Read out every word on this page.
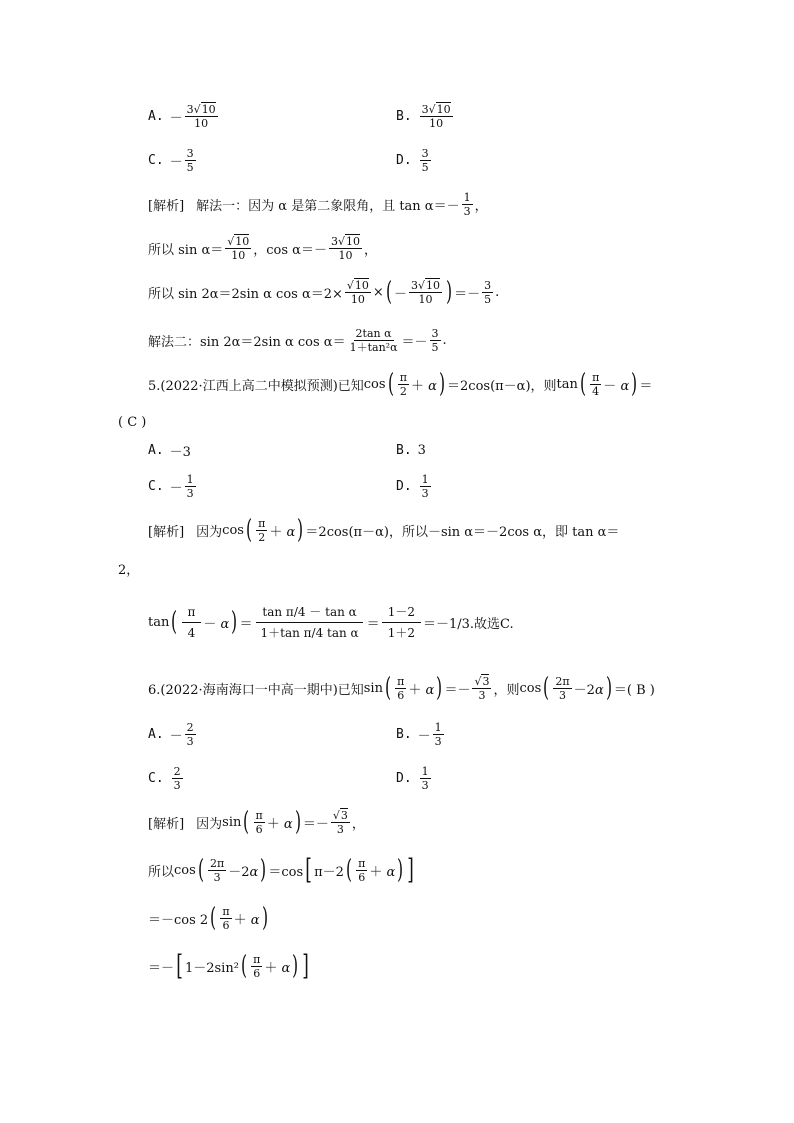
A. － $\frac{3√10}{10}$	B. $\frac{3√10}{10}$
C. － $\frac{3}{5}$	D. $\frac{3}{5}$
[解析] 解法一：因为 α 是第二象限角，且 $\tan \alpha= - \frac{1}{3}$ ，
所以 $\sin \alpha= \frac{√10}{10}$ ，$\cos \alpha=- \frac{3√10}{10}$ ，
所以 sin 2α＝2sin α $\cos \alpha=2\times \frac{√10}{10}$ × ( － $\frac{3√10}{10}$ ) ＝－ $\frac{3}{5}$ .
解法二：sin 2α＝2sin α $\cos \alpha= \frac{\text{2tan α}}{\text{1＋tan²α}} =- \frac{3}{5}$ .
5.(2022·江西上高二中模拟预测)已知 cos ( $\frac{\pi}{2} + \alpha$ ) ＝2cos(π－α)，则 tan ( $\frac{\pi}{4} - \alpha$ ) ＝
( C )
A. －3	B. 3
C. － $\frac{1}{3}$	D. $\frac{1}{3}$
[解析] 因为 cos ( $\frac{\pi}{2} + \alpha$ ) ＝2cos(π－α)，所以－sin α＝－2cos α，即 tan α＝
2，
tan ( $\frac{\pi}{4} - \alpha$ ) ＝ $\frac{\text{tan π/4 － tan α}}{\text{1＋tan π/4 tan α}} = \frac{1-2}{1+2} =-1/3$.故选C.
6.(2022·海南海口一中高一期中)已知 sin ( $\frac{\pi}{6} + \alpha$ ) ＝－ $\frac{√3}{3}$ ，则 cos ( $\frac{2\pi}{3} -2\alpha$ ) ＝( B )
A. － $\frac{2}{3}$	B. － $\frac{1}{3}$
C. $\frac{2}{3}$	D. $\frac{1}{3}$
[解析] 因为 sin ( $\frac{\pi}{6} + \alpha$ ) ＝－ $\frac{√3}{3}$ ，
所以 cos ( $\frac{2\pi}{3} -2\alpha$ ) ＝cos [ π－2 ( $\frac{\pi}{6} + \alpha$ ) ]
＝－cos 2 ( $\frac{\pi}{6} + \alpha$ )
＝－ [ 1－2sin² ( $\frac{\pi}{6} + \alpha$ ) ]
